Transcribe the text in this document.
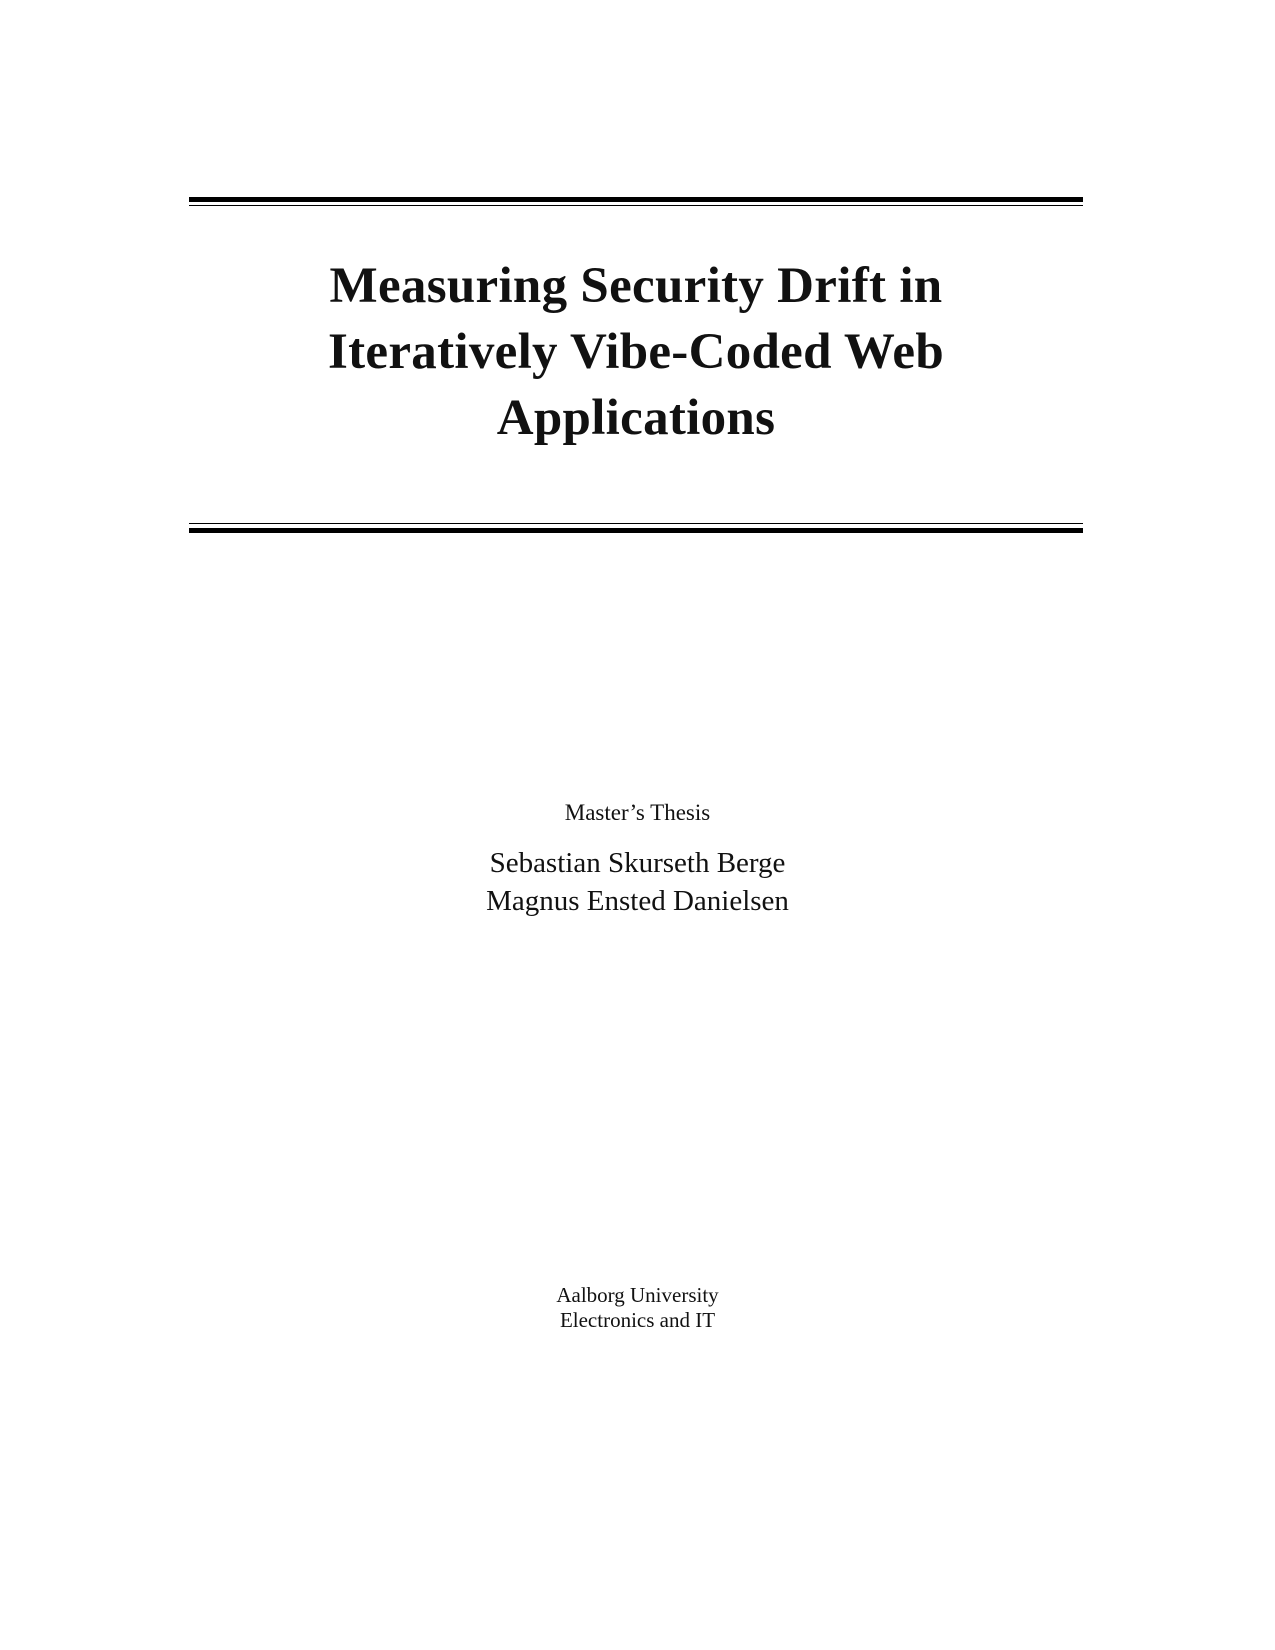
Measuring Security Drift in
Iteratively Vibe-Coded Web
Applications
Master’s Thesis
Sebastian Skurseth Berge
Magnus Ensted Danielsen
Aalborg University
Electronics and IT
